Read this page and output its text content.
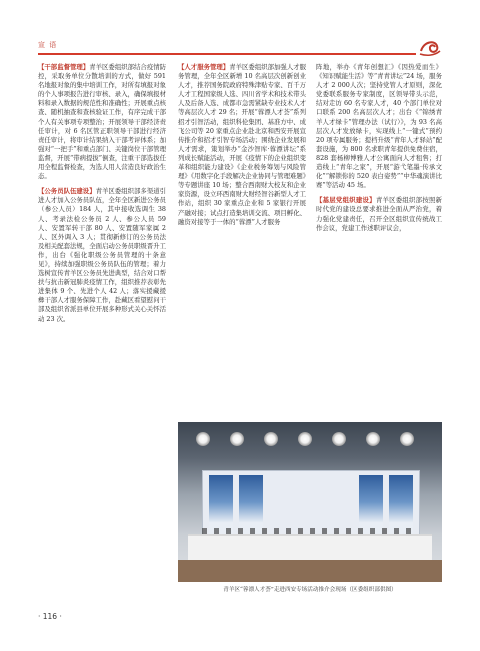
宣 语

【干部监督管理】青羊区委组织部结合疫情防控，采取务单位分散培训的方式，做好 591 名地报对象的集中培训工作，对所有填报对象的个人事项报告进行审核、录入，确保填报材料和录入数据的规范性和准确性；开展重点核查、随机抽查和查核验证工作，有序完成干部个人有关事项专项整治；开展领导干部经济责任审计，对 6 名区管正职领导干部进行经济责任审计，将审计结果纳入干部考评体系；加强对“一把手”和重点部门、关键岗位干部管理监督，开展“带病提拔”倒查，注重干部选拔任用全程监督检查，为选人用人营造良好政治生态。

【公务员队伍建设】青羊区委组织部多渠道引进人才加入公务员队伍，全年全区新进公务员（参公人员）184 人，其中接收选调生 38 人、考录法检公务员 2 人、参公人员 59 人、安置军转干部 80 人、安置随军家属 2 人、区外调入 3 人；贯彻新修订的公务员法及相关配套法规，全面启动公务员职级晋升工作，出台《强化职级公务员管理的十条意见》，持续加强职级公务员队伍的管理；着力选树宣传青羊区公务员先进典型，结合对口帮扶与抗击新冠肺炎疫情工作，组织推荐表彰先进集体 9 个、先进个人 42 人；落实援藏援彝干部人才服务保障工作，赴藏区看望慰问干部及组织省派县单位开展多种形式关心关怀活动 23 次。

【人才服务管理】青羊区委组织部加强人才服务管理，全年全区新增 10 名高层次创新创业人才，推荐国务院政府特殊津贴专家、百千万人才工程国家级人选、四川省学术和技术带头人及后备人选、成都市急需紧缺专业技术人才等高层次人才 29 名；开展“蓉漂人才荟”系列招才引智活动，组织科伦集团、基准方中、成飞公司等 20 家重点企业赴北京和西安开展宣传推介和招才引智专场活动；围绕企业发展和人才需求，策划举办“金沙智库·蓉漂讲坛”系列成长赋能活动，开展《疫情下的企业组织变革和组织能力建设》《企业税务筹划与风险管理》《用数字化手段解决企业协同与管理难题》等专题讲座 10 场；整合西南财大校友和企业家资源，设立环西南财大财经智谷新型人才工作站，组织 30 家重点企业和 5 家银行开展产融对接；试点打造集培训交流、项目孵化、融资对接等于一体的“蓉漂”人才服务

阵地，举办《青年创想汇》《因热爱而生》《知识赋能生活》等“青青讲坛”24 场，服务人才 2 000人次；坚持党管人才原则，深化党委联系服务专家制度，区领导带头示范，结对走访 60 名专家人才，40 个部门单位对口联系 200 名高层次人才；出台《“锦绣青羊人才绿卡”管理办法（试行）》，为 93 名高层次人才发放绿卡，实现线上“一键式”预约 20 项专属服务；提档升级“青年人才驿站”配套设施，为 800 名求职青年提供免费住宿，828 套杨柳博雅人才公寓面向人才租售；打造线上“青年之家”，开展“游弋笔墨·传承文化”“解锁你的 520 表白姿势”“中华魂演讲比赛”等活动 45 场。

【基层党组织建设】青羊区委组织部按照新时代党的建设总要求推进全面从严治党，着力强化党建责任，召开全区组织宣传统战工作会议，党建工作述职评议会，

青羊区“蓉漂人才荟”走进西安专场活动推介会现场（区委组织部供图）
· 116 ·
